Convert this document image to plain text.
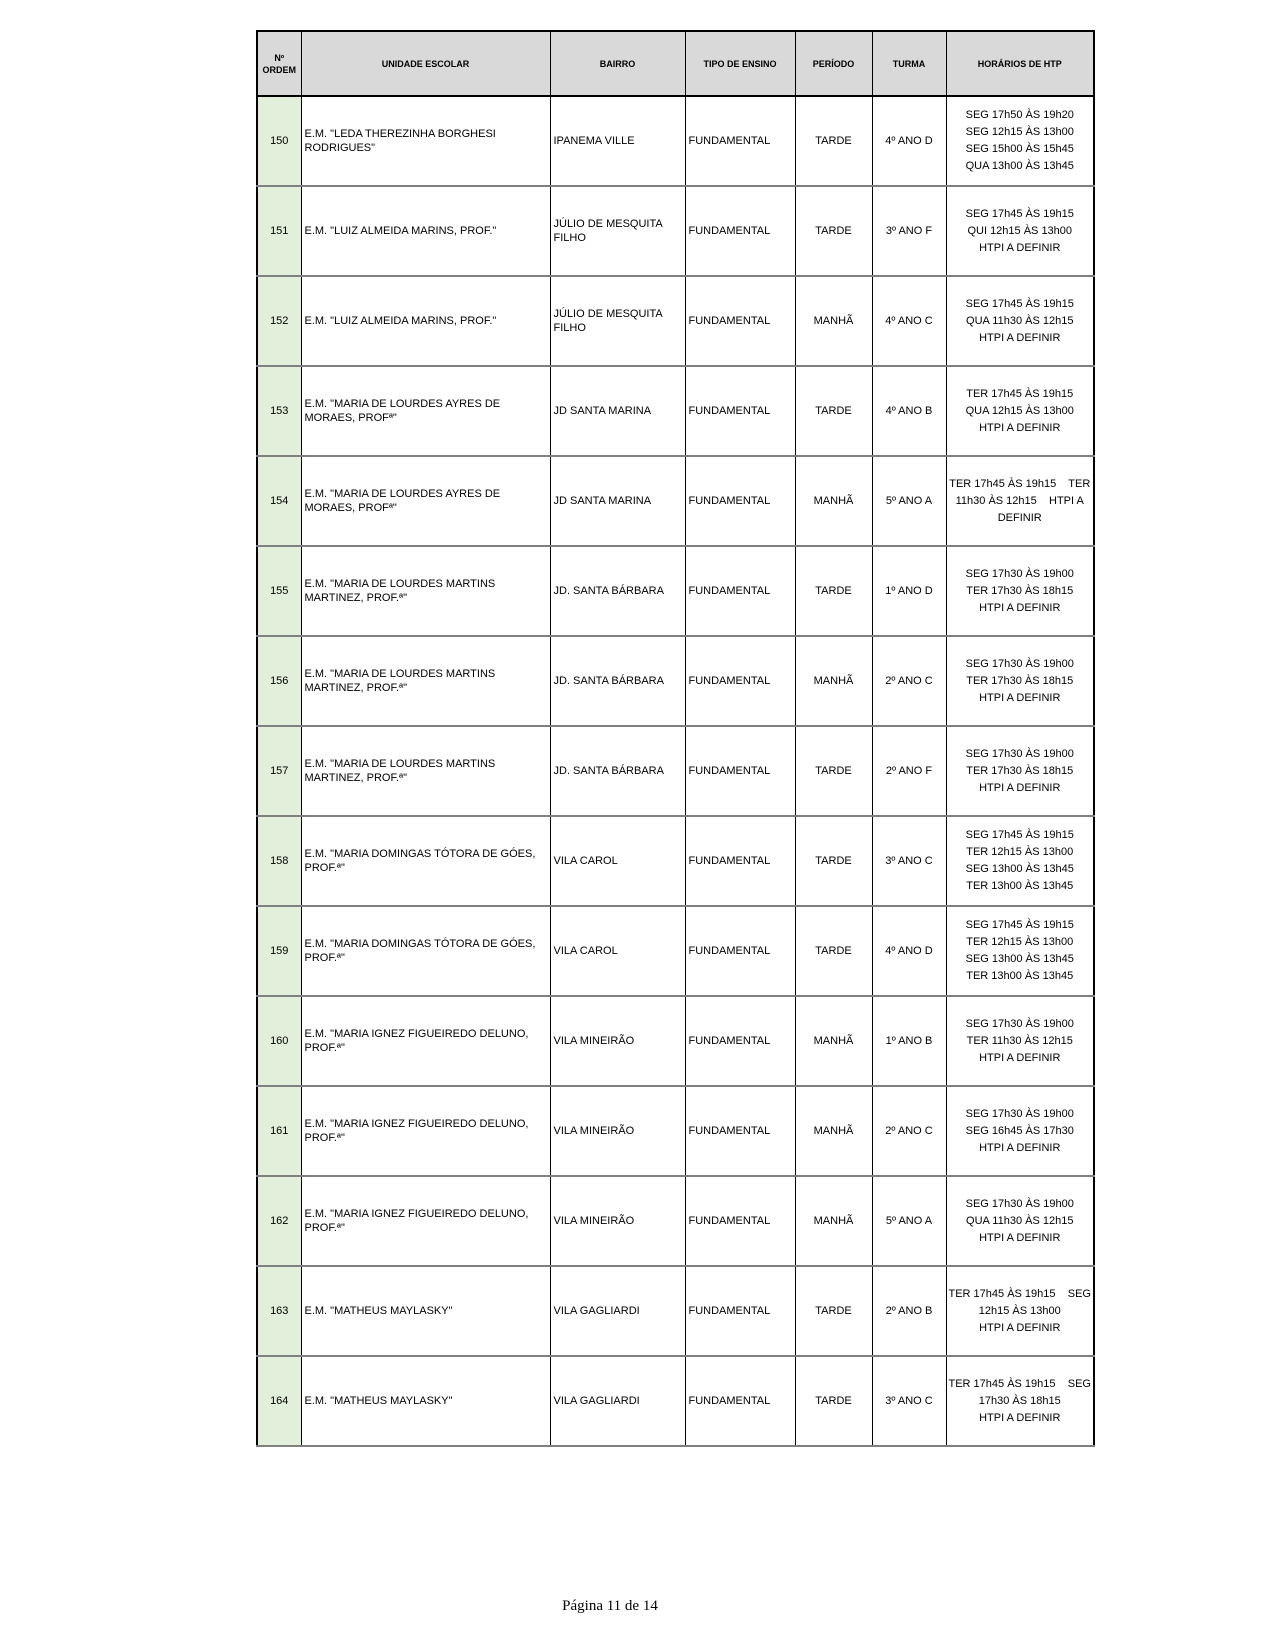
Nº ORDEM	UNIDADE ESCOLAR	BAIRRO	TIPO DE ENSINO	PERÍODO	TURMA	HORÁRIOS DE HTP
150	E.M. "LEDA THEREZINHA BORGHESI RODRIGUES"	IPANEMA VILLE	FUNDAMENTAL	TARDE	4º ANO D	SEG 17h50 ÀS 19h20
SEG 12h15 ÀS 13h00
SEG 15h00 ÀS 15h45
QUA 13h00 ÀS 13h45

151	E.M. "LUIZ ALMEIDA MARINS, PROF."	JÚLIO DE MESQUITA FILHO	FUNDAMENTAL	TARDE	3º ANO F	SEG 17h45 ÀS 19h15
QUI 12h15 ÀS 13h00
HTPI A DEFINIR

152	E.M. "LUIZ ALMEIDA MARINS, PROF."	JÚLIO DE MESQUITA FILHO	FUNDAMENTAL	MANHÃ	4º ANO C	SEG 17h45 ÀS 19h15
QUA 11h30 ÀS 12h15
HTPI A DEFINIR

153	E.M. "MARIA DE LOURDES AYRES DE MORAES, PROFª"	JD SANTA MARINA	FUNDAMENTAL	TARDE	4º ANO B	TER 17h45 ÀS 19h15
QUA 12h15 ÀS 13h00
HTPI A DEFINIR

154	E.M. "MARIA DE LOURDES AYRES DE MORAES, PROFª"	JD SANTA MARINA	FUNDAMENTAL	MANHÃ	5º ANO A	TER 17h45 ÀS 19h15    TER
11h30 ÀS 12h15    HTPI A
DEFINIR

155	E.M. "MARIA DE LOURDES MARTINS MARTINEZ, PROF.ª"	JD. SANTA BÁRBARA	FUNDAMENTAL	TARDE	1º ANO D	SEG 17h30 ÀS 19h00
TER 17h30 ÀS 18h15
HTPI A DEFINIR

156	E.M. "MARIA DE LOURDES MARTINS MARTINEZ, PROF.ª"	JD. SANTA BÁRBARA	FUNDAMENTAL	MANHÃ	2º ANO C	SEG 17h30 ÀS 19h00
TER 17h30 ÀS 18h15
HTPI A DEFINIR

157	E.M. "MARIA DE LOURDES MARTINS MARTINEZ, PROF.ª"	JD. SANTA BÁRBARA	FUNDAMENTAL	TARDE	2º ANO F	SEG 17h30 ÀS 19h00
TER 17h30 ÀS 18h15
HTPI A DEFINIR

158	E.M. "MARIA DOMINGAS TÓTORA DE GÓES, PROF.ª"	VILA CAROL	FUNDAMENTAL	TARDE	3º ANO C	SEG 17h45 ÀS 19h15
TER 12h15 ÀS 13h00
SEG 13h00 ÀS 13h45
TER 13h00 ÀS 13h45

159	E.M. "MARIA DOMINGAS TÓTORA DE GÓES, PROF.ª"	VILA CAROL	FUNDAMENTAL	TARDE	4º ANO D	SEG 17h45 ÀS 19h15
TER 12h15 ÀS 13h00
SEG 13h00 ÀS 13h45
TER 13h00 ÀS 13h45

160	E.M. "MARIA IGNEZ FIGUEIREDO DELUNO, PROF.ª"	VILA MINEIRÃO	FUNDAMENTAL	MANHÃ	1º ANO B	SEG 17h30 ÀS 19h00
TER 11h30 ÀS 12h15
HTPI A DEFINIR

161	E.M. "MARIA IGNEZ FIGUEIREDO DELUNO, PROF.ª"	VILA MINEIRÃO	FUNDAMENTAL	MANHÃ	2º ANO C	SEG 17h30 ÀS 19h00
SEG 16h45 ÀS 17h30
HTPI A DEFINIR

162	E.M. "MARIA IGNEZ FIGUEIREDO DELUNO, PROF.ª"	VILA MINEIRÃO	FUNDAMENTAL	MANHÃ	5º ANO A	SEG 17h30 ÀS 19h00
QUA 11h30 ÀS 12h15
HTPI A DEFINIR

163	E.M. "MATHEUS MAYLASKY"	VILA GAGLIARDI	FUNDAMENTAL	TARDE	2º ANO B	TER 17h45 ÀS 19h15    SEG
12h15 ÀS 13h00
HTPI A DEFINIR

164	E.M. "MATHEUS MAYLASKY"	VILA GAGLIARDI	FUNDAMENTAL	TARDE	3º ANO C	TER 17h45 ÀS 19h15    SEG
17h30 ÀS 18h15
HTPI A DEFINIR
Página 11 de 14
